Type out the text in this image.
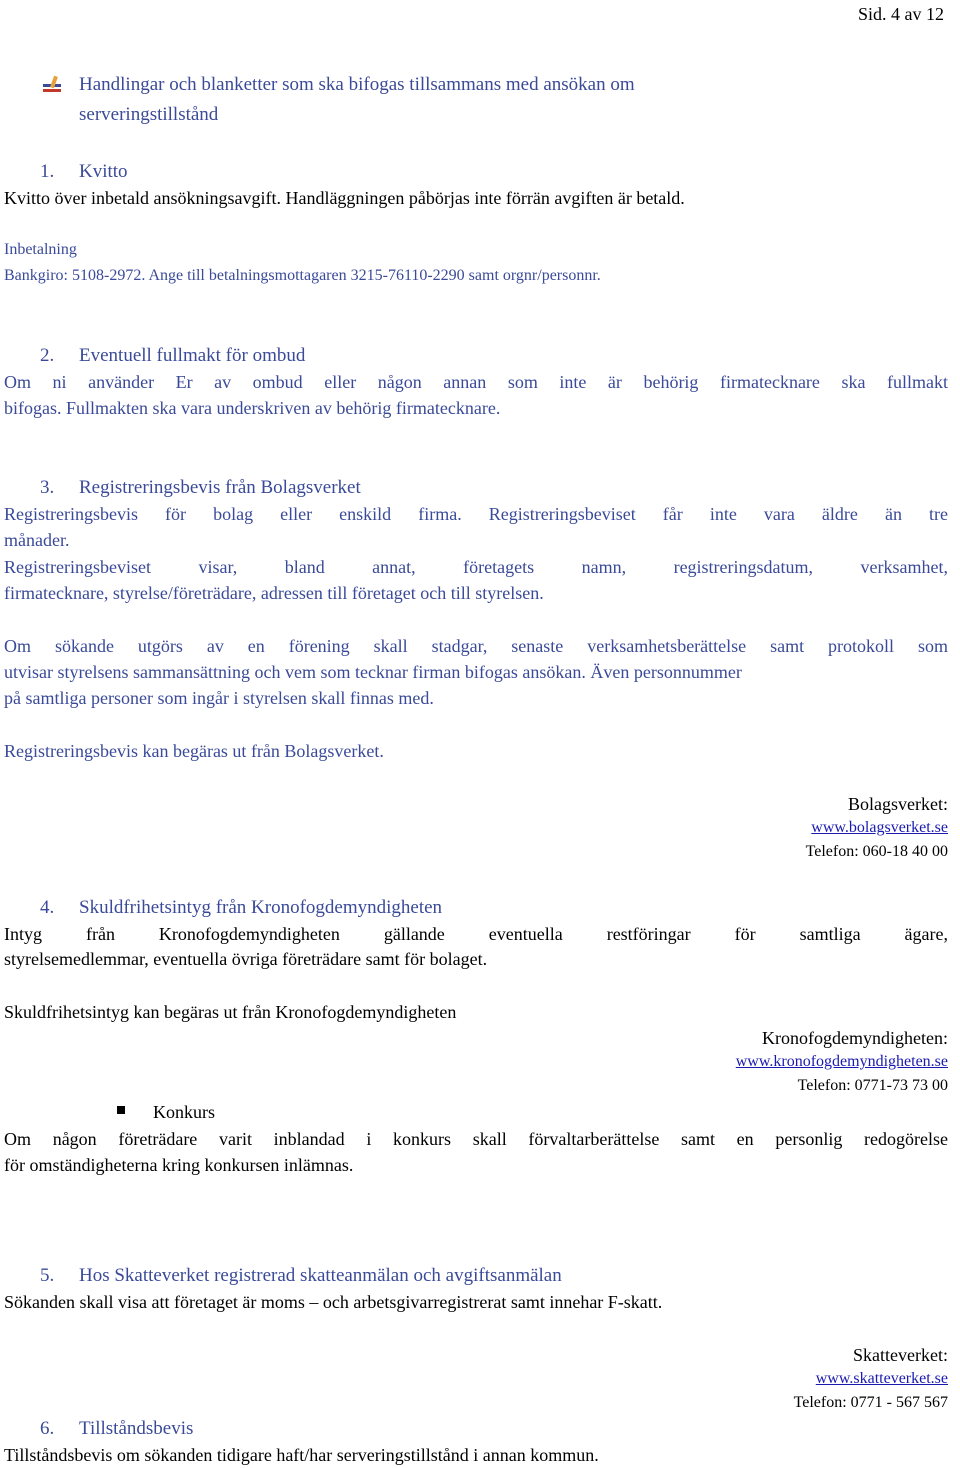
Sid. 4 av 12
Handlingar och blanketter som ska bifogas tillsammans med ansökan om
serveringstillstånd
1. Kvitto
Kvitto över inbetald ansökningsavgift. Handläggningen påbörjas inte förrän avgiften är betald.
Inbetalning
Bankgiro: 5108-2972. Ange till betalningsmottagaren 3215-76110-2290 samt orgnr/personnr.
2. Eventuell fullmakt för ombud
Om ni använder Er av ombud eller någon annan som inte är behörig firmatecknare ska fullmakt
bifogas. Fullmakten ska vara underskriven av behörig firmatecknare.
3. Registreringsbevis från Bolagsverket
Registreringsbevis för bolag eller enskild firma. Registreringsbeviset får inte vara äldre än tre
månader.
Registreringsbeviset visar, bland annat, företagets namn, registreringsdatum, verksamhet,
firmatecknare, styrelse/företrädare, adressen till företaget och till styrelsen.
Om sökande utgörs av en förening skall stadgar, senaste verksamhetsberättelse samt protokoll som
utvisar styrelsens sammansättning och vem som tecknar firman bifogas ansökan. Även personnummer
på samtliga personer som ingår i styrelsen skall finnas med.
Registreringsbevis kan begäras ut från Bolagsverket.
Bolagsverket:
www.bolagsverket.se
Telefon: 060-18 40 00
4. Skuldfrihetsintyg från Kronofogdemyndigheten
Intyg från Kronofogdemyndigheten gällande eventuella restföringar för samtliga ägare,
styrelsemedlemmar, eventuella övriga företrädare samt för bolaget.
Skuldfrihetsintyg kan begäras ut från Kronofogdemyndigheten
Kronofogdemyndigheten:
www.kronofogdemyndigheten.se
Telefon: 0771-73 73 00
Konkurs
Om någon företrädare varit inblandad i konkurs skall förvaltarberättelse samt en personlig redogörelse
för omständigheterna kring konkursen inlämnas.
5. Hos Skatteverket registrerad skatteanmälan och avgiftsanmälan
Sökanden skall visa att företaget är moms – och arbetsgivarregistrerat samt innehar F-skatt.
Skatteverket:
www.skatteverket.se
Telefon: 0771 - 567 567
6. Tillståndsbevis
Tillståndsbevis om sökanden tidigare haft/har serveringstillstånd i annan kommun.
